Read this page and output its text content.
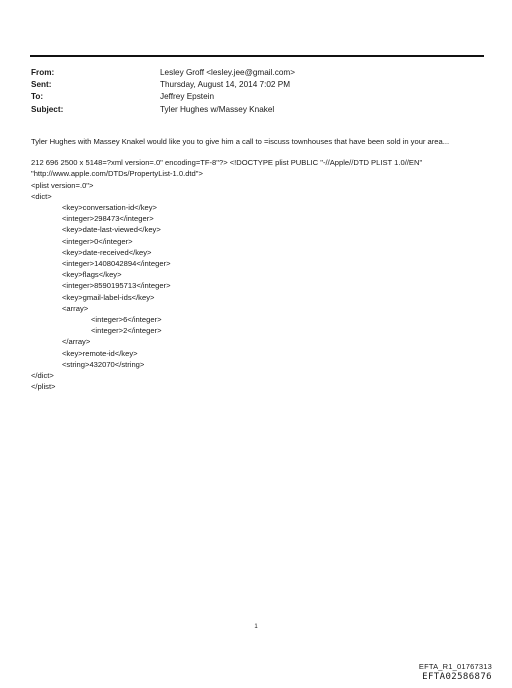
From:	Lesley Groff <lesley.jee@gmail.com>
Sent:	Thursday, August 14, 2014 7:02 PM
To:	Jeffrey Epstein
Subject:	Tyler Hughes w/Massey Knakel

Tyler Hughes with Massey Knakel would like you to give him a call to =iscuss townhouses that have been sold in your area...

212 696 2500 x 5148=?xml version=.0" encoding=TF-8"?> <!DOCTYPE plist PUBLIC "-//Apple//DTD PLIST 1.0//EN"
"http://www.apple.com/DTDs/PropertyList-1.0.dtd">
<plist version=.0">
<dict>
<key>conversation-id</key>
<integer>298473</integer>
<key>date-last-viewed</key>
<integer>0</integer>
<key>date-received</key>
<integer>1408042894</integer>
<key>flags</key>
<integer>8590195713</integer>
<key>gmail-label-ids</key>
<array>
<integer>6</integer>
<integer>2</integer>
</array>
<key>remote-id</key>
<string>432070</string>
</dict>
</plist>
1
EFTA_R1_01767313
EFTA02586876
